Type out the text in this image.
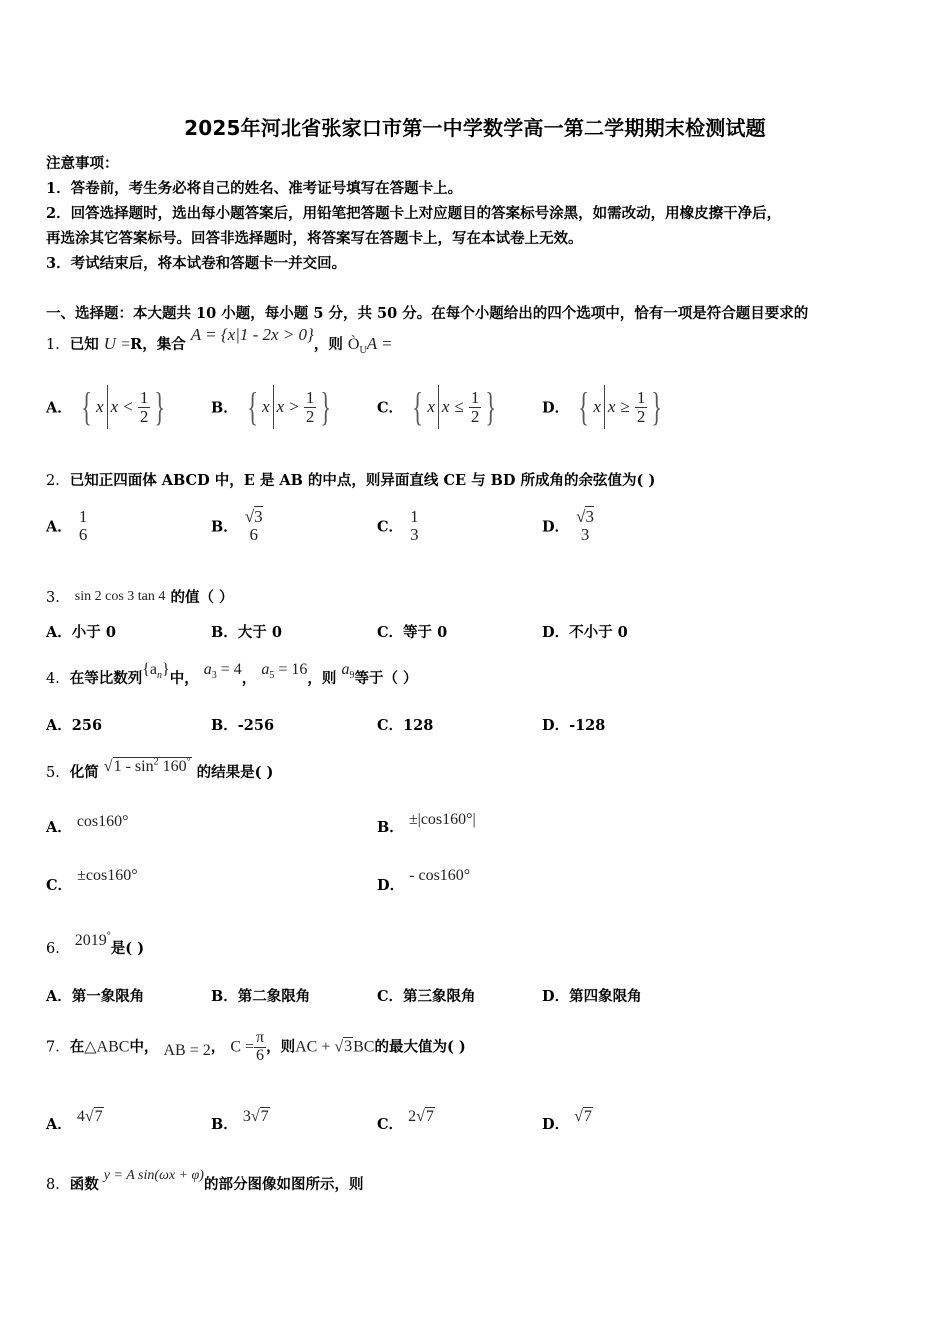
2025年河北省张家口市第一中学数学高一第二学期期末检测试题
注意事项：
1．答卷前，考生务必将自己的姓名、准考证号填写在答题卡上。
2．回答选择题时，选出每小题答案后，用铅笔把答题卡上对应题目的答案标号涂黑，如需改动，用橡皮擦干净后，
再选涂其它答案标号。回答非选择题时，将答案写在答题卡上，写在本试卷上无效。
3．考试结束后，将本试卷和答题卡一并交回。
一、选择题：本大题共 10 小题，每小题 5 分，共 50 分。在每个小题给出的四个选项中，恰有一项是符合题目要求的
1．已知 U =R，集合 A = {x|1 - 2x > 0}，则 $Ò_UA$ =
A． { x $x < \frac{1}{2}$ }	B． { x $x > \frac{1}{2}$ }	C． { x $x \le \frac{1}{2}$ }	D． { x $x \ge \frac{1}{2}$ }
2．已知正四面体 ABCD 中，E 是 AB 的中点，则异面直线 CE 与 BD 所成角的余弦值为( )
A．
1
6	B．
√3
6	C．
1
3	D．
√3
3
3． sin 2 cos 3 tan 4 的值（ ）
A．小于 0	B．大于 0	C．等于 0	D．不小于 0
4．在等比数列$\{a_n\}$中， $a_3 = 4$， $a_5 = 16$，则 $a_9$等于（ ）
A．256	B．-256	C．128	D．-128
5．化简 $√1 - \sin^2 160^\circ$ 的结果是( )
A． cos160°	B． ±|cos160°|
C． ±cos160°
D． - cos160°
6． 2019°是( )
A．第一象限角	B．第二象限角	C．第三象限角	D．第四象限角
7．在△ABC中， AB = 2， $C = \frac{\pi}{6}$ ，则AC + √3BC的最大值为( )
A． 4√7	B． 3√7	C． 2√7	D． √7
8．函数 y = A sin(ωx + φ)的部分图像如图所示，则
